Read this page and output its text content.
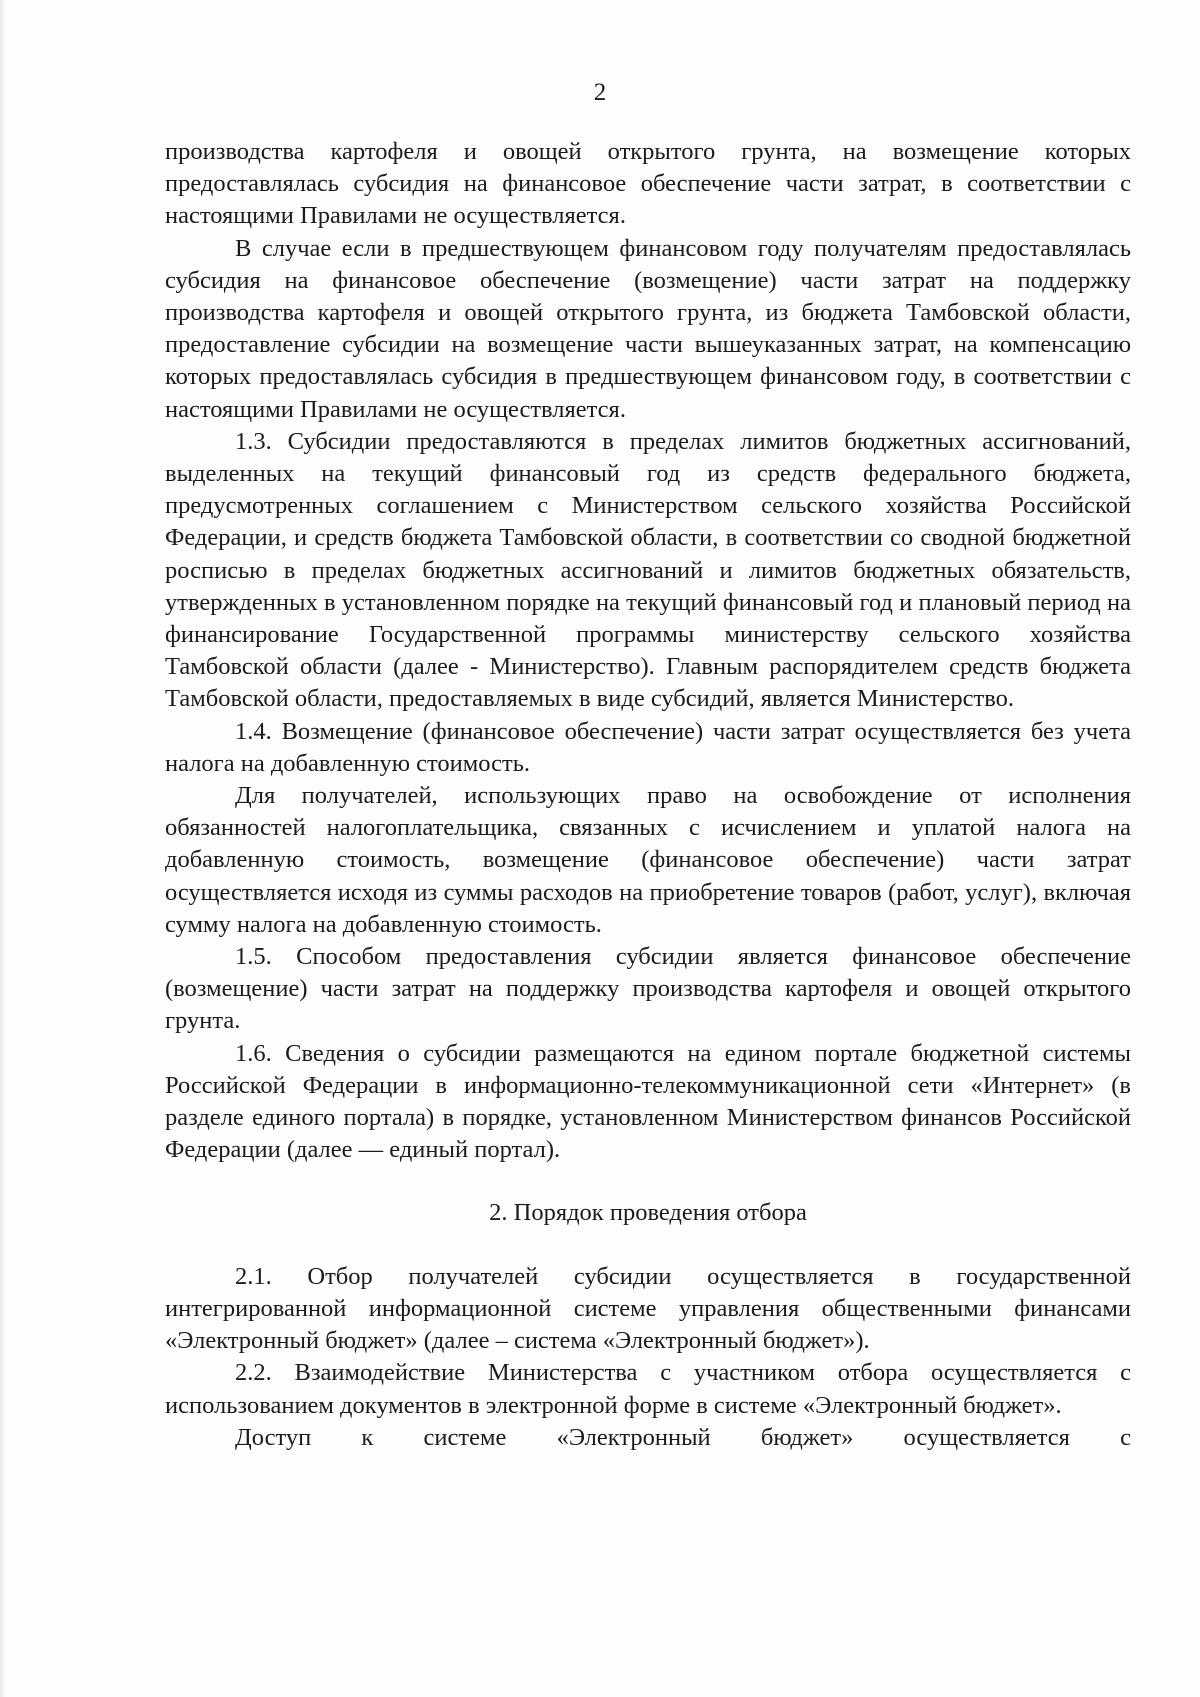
2

производства картофеля и овощей открытого грунта, на возмещение которых предоставлялась субсидия на финансовое обеспечение части затрат, в соответствии с настоящими Правилами не осуществляется.

В случае если в предшествующем финансовом году получателям предоставлялась субсидия на финансовое обеспечение (возмещение) части затрат на поддержку производства картофеля и овощей открытого грунта, из бюджета Тамбовской области, предоставление субсидии на возмещение части вышеуказанных затрат, на компенсацию которых предоставлялась субсидия в предшествующем финансовом году, в соответствии с настоящими Правилами не осуществляется.

1.3. Субсидии предоставляются в пределах лимитов бюджетных ассигнований, выделенных на текущий финансовый год из средств федерального бюджета, предусмотренных соглашением с Министерством сельского хозяйства Российской Федерации, и средств бюджета Тамбовской области, в соответствии со сводной бюджетной росписью в пределах бюджетных ассигнований и лимитов бюджетных обязательств, утвержденных в установленном порядке на текущий финансовый год и плановый период на финансирование Государственной программы министерству сельского хозяйства Тамбовской области (далее - Министерство). Главным распорядителем средств бюджета Тамбовской области, предоставляемых в виде субсидий, является Министерство.

1.4. Возмещение (финансовое обеспечение) части затрат осуществляется без учета налога на добавленную стоимость.

Для получателей, использующих право на освобождение от исполнения обязанностей налогоплательщика, связанных с исчислением и уплатой налога на добавленную стоимость, возмещение (финансовое обеспечение) части затрат осуществляется исходя из суммы расходов на приобретение товаров (работ, услуг), включая сумму налога на добавленную стоимость.

1.5. Способом предоставления субсидии является финансовое обеспечение (возмещение) части затрат на поддержку производства картофеля и овощей открытого грунта.

1.6. Сведения о субсидии размещаются на едином портале бюджетной системы Российской Федерации в информационно-телекоммуникационной сети «Интернет» (в разделе единого портала) в порядке, установленном Министерством финансов Российской Федерации (далее — единый портал).

2. Порядок проведения отбора

2.1. Отбор получателей субсидии осуществляется в государственной интегрированной информационной системе управления общественными финансами «Электронный бюджет» (далее – система «Электронный бюджет»).

2.2. Взаимодействие Министерства с участником отбора осуществляется с использованием документов в электронной форме в системе «Электронный бюджет».

Доступ к системе «Электронный бюджет» осуществляется с
